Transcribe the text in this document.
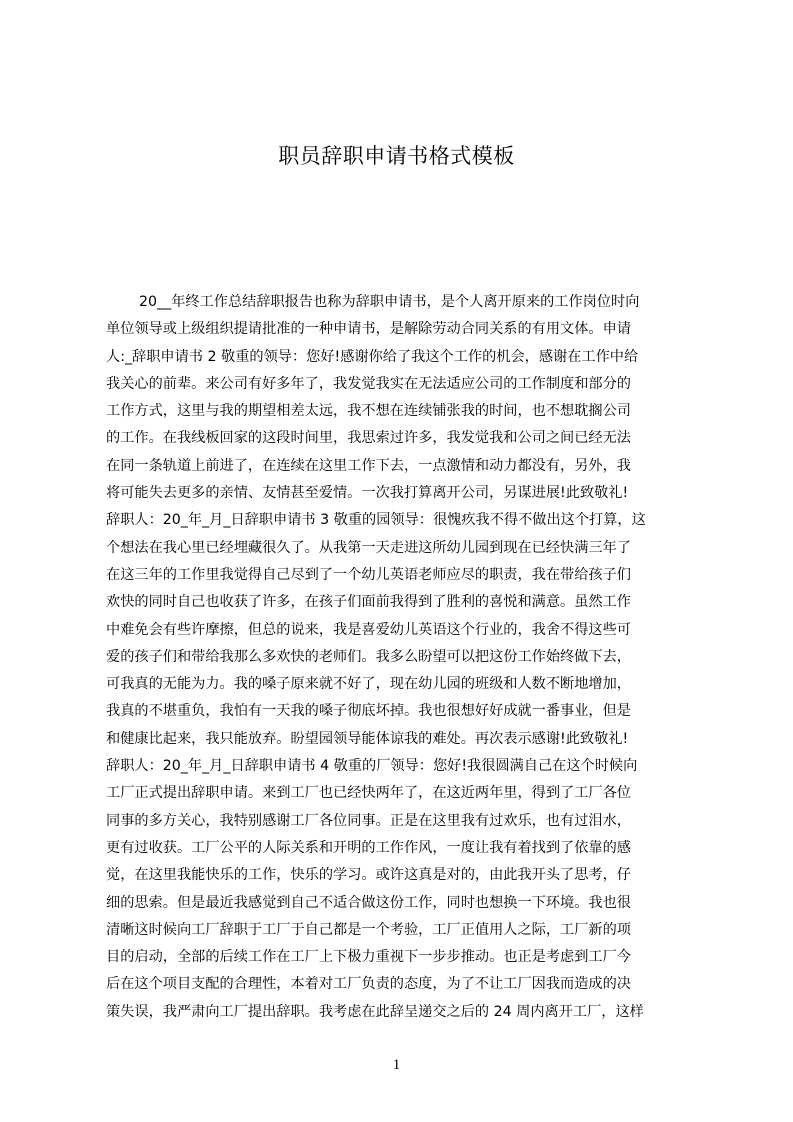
职员辞职申请书格式模板
20__年终工作总结辞职报告也称为辞职申请书，是个人离开原来的工作岗位时向
单位领导或上级组织提请批准的一种申请书，是解除劳动合同关系的有用文体。申请
人:_辞职申请书 2 敬重的领导：您好!感谢你给了我这个工作的机会，感谢在工作中给
我关心的前辈。来公司有好多年了，我发觉我实在无法适应公司的工作制度和部分的
工作方式，这里与我的期望相差太远，我不想在连续铺张我的时间，也不想耽搁公司
的工作。在我线板回家的这段时间里，我思索过许多，我发觉我和公司之间已经无法
在同一条轨道上前进了，在连续在这里工作下去，一点激情和动力都没有，另外，我
将可能失去更多的亲情、友情甚至爱情。一次我打算离开公司，另谋进展!此致敬礼!
辞职人：20_年_月_日辞职申请书 3 敬重的园领导：很愧疚我不得不做出这个打算，这
个想法在我心里已经埋藏很久了。从我第一天走进这所幼儿园到现在已经快满三年了
在这三年的工作里我觉得自己尽到了一个幼儿英语老师应尽的职责，我在带给孩子们
欢快的同时自己也收获了许多，在孩子们面前我得到了胜利的喜悦和满意。虽然工作
中难免会有些许摩擦，但总的说来，我是喜爱幼儿英语这个行业的，我舍不得这些可
爱的孩子们和带给我那么多欢快的老师们。我多么盼望可以把这份工作始终做下去，
可我真的无能为力。我的嗓子原来就不好了，现在幼儿园的班级和人数不断地增加，
我真的不堪重负，我怕有一天我的嗓子彻底坏掉。我也很想好好成就一番事业，但是
和健康比起来，我只能放弃。盼望园领导能体谅我的难处。再次表示感谢!此致敬礼!
辞职人：20_年_月_日辞职申请书 4 敬重的厂领导：您好!我很圆满自己在这个时候向
工厂正式提出辞职申请。来到工厂也已经快两年了，在这近两年里，得到了工厂各位
同事的多方关心，我特别感谢工厂各位同事。正是在这里我有过欢乐，也有过泪水，
更有过收获。工厂公平的人际关系和开明的工作作风，一度让我有着找到了依靠的感
觉，在这里我能快乐的工作，快乐的学习。或许这真是对的，由此我开头了思考，仔
细的思索。但是最近我感觉到自己不适合做这份工作，同时也想换一下环境。我也很
清晰这时候向工厂辞职于工厂于自己都是一个考验，工厂正值用人之际，工厂新的项
目的启动，全部的后续工作在工厂上下极力重视下一步步推动。也正是考虑到工厂今
后在这个项目支配的合理性，本着对工厂负责的态度，为了不让工厂因我而造成的决
策失误，我严肃向工厂提出辞职。我考虑在此辞呈递交之后的 24 周内离开工厂，这样
1
